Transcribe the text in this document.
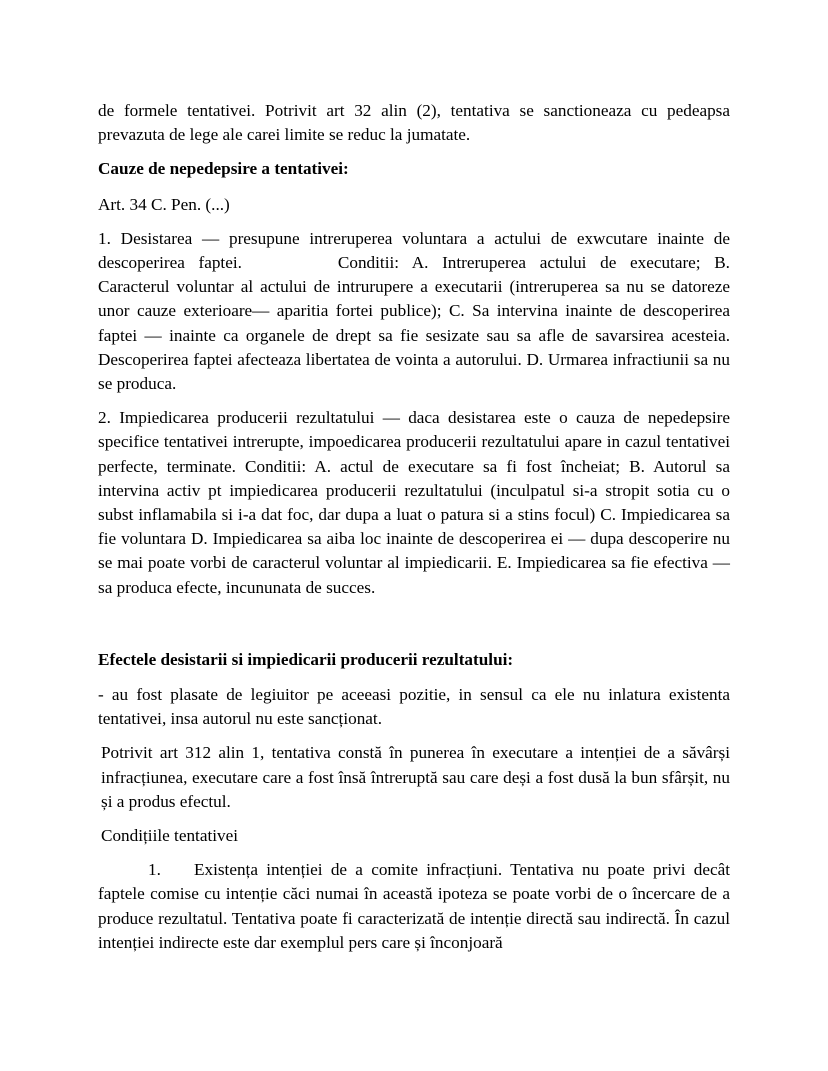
de formele tentativei. Potrivit art 32 alin (2), tentativa se sanctioneaza cu pedeapsa prevazuta de lege ale carei limite se reduc la jumatate.

Cauze de nepedepsire a tentativei:

Art. 34 C. Pen. (...)

1. Desistarea — presupune intreruperea voluntara a actului de exwcutare inainte de descoperirea faptei.	Conditii: A. Intreruperea actului de executare; B. Caracterul voluntar al actului de intrurupere a executarii (intreruperea sa nu se datoreze unor cauze exterioare— aparitia fortei publice); C. Sa intervina inainte de descoperirea faptei — inainte ca organele de drept sa fie sesizate sau sa afle de savarsirea acesteia. Descoperirea faptei afecteaza libertatea de vointa a autorului. D. Urmarea infractiunii sa nu se produca.

2. Impiedicarea producerii rezultatului — daca desistarea este o cauza de nepedepsire specifice tentativei intrerupte, impoedicarea producerii rezultatului apare in cazul tentativei perfecte, terminate. Conditii: A. actul de executare sa fi fost încheiat; B. Autorul sa intervina activ pt impiedicarea producerii rezultatului (inculpatul si-a stropit sotia cu o subst inflamabila si i-a dat foc, dar dupa a luat o patura si a stins focul) C. Impiedicarea sa fie voluntara D. Impiedicarea sa aiba loc inainte de descoperirea ei — dupa descoperire nu se mai poate vorbi de caracterul voluntar al impiedicarii. E. Impiedicarea sa fie efectiva — sa produca efecte, incununata de succes.

Efectele desistarii si impiedicarii producerii rezultatului:

- au fost plasate de legiuitor pe aceeasi pozitie, in sensul ca ele nu inlatura existenta tentativei, insa autorul nu este sancționat.

Potrivit art 312 alin 1, tentativa constă în punerea în executare a intenției de a săvârși infracțiunea, executare care a fost însă întreruptă sau care deși a fost dusă la bun sfârșit, nu și a produs efectul.

Condițiile tentativei

1. Existența intenției de a comite infracțiuni. Tentativa nu poate privi decât faptele comise cu intenție căci numai în această ipoteza se poate vorbi de o încercare de a produce rezultatul. Tentativa poate fi caracterizată de intenție directă sau indirectă. În cazul intenției indirecte este dar exemplul pers care și înconjoară
